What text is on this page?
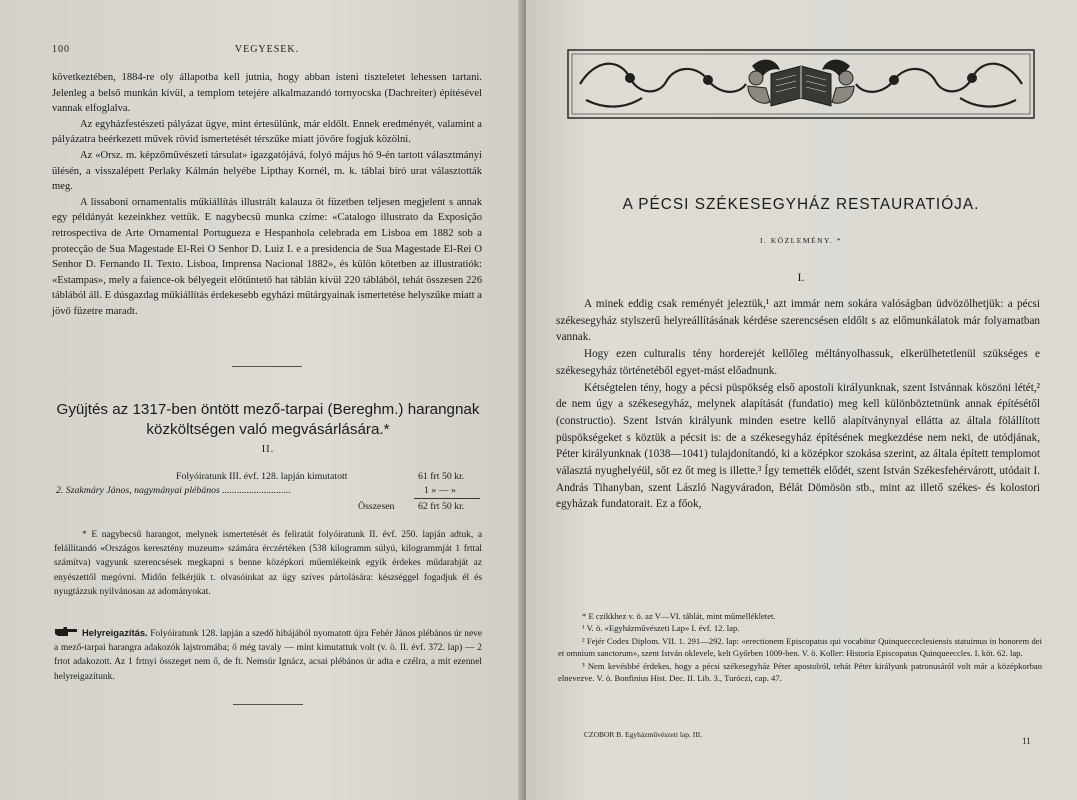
100	VEGYESEK.

következtében, 1884-re oly állapotba kell jutnia, hogy abban isteni tiszteletet lehessen tartani. Jelenleg a belső munkán kívül, a templom tetejére alkalmazandó tornyocska (Dachreiter) építésével vannak elfoglalva.

Az egyházfestészeti pályázat ügye, mint értesülünk, már eldőlt. Ennek eredményét, valamint a pályázatra beérkezett művek rövid ismertetését térszűke miatt jövőre fogjuk közölni.

Az «Orsz. m. képzőművészeti társulat» igazgatójává, folyó május hó 9-én tartott választmányi ülésén, a visszalépett Perlaky Kálmán helyébe Lipthay Kornél, m. k. táblai bíró urat választották meg.

A lissaboni ornamentalis műkiállítás illustrált kalauza öt füzetben teljesen megjelent s annak egy példányát kezeinkhez vettük. E nagybecsű munka czíme: «Catalogo illustrato da Exposição retrospectiva de Arte Ornamental Portugueza e Hespanhola celebrada em Lisboa em 1882 sob a protecção de Sua Magestade El-Rei O Senhor D. Luiz I. e a presidencia de Sua Magestade El-Rei O Senhor D. Fernando II. Texto. Lisboa, Imprensa Nacional 1882», és külön kötetben az illustratiók: «Estampas», mely a faience-ok bélyegeit előtüntető hat táblán kívül 220 táblából, tehát összesen 226 táblából áll. E dúsgazdag műkiállítás érdekesebb egyházi műtárgyainak ismertetése helyszűke miatt a jövő füzetre maradt.

Gyüjtés az 1317-ben öntött mező-tarpai (Bereghm.) harangnak közköltségen való megvásárlására.*
II.
Folyóiratunk III. évf. 128. lapján kimutatott	61 frt 50 kr.
2. Szakmáry János, nagymányai plébános ............................	1 » — »
Összesen 62 frt 50 kr.
* E nagybecsű harangot, melynek ismertetését és feliratát folyóiratunk II. évf. 250. lapján adtuk, a felállítandó «Országos keresztény muzeum» számára érczértéken (538 kilogramm súlyú, kilogrammját 1 frttal számítva) vagyunk szerencsések megkapni s benne középkori műemlékeink egyik érdekes műdarabját az enyészettől megóvni. Midőn felkérjük t. olvasóinkat az ügy szíves pártolására: készséggel fogadjuk él és nyugtázzuk nyilvánosan az adományokat.
Helyreigazítás. Folyóiratunk 128. lapján a szedő hibájából nyomatott újra Fehér János plébános úr neve a mező-tarpai harangra adakozók lajstromába; ő még tavaly — mint kimutattuk volt (v. ö. II. évf. 372. lap) — 2 frtot adakozott. Az 1 frtnyi összeget nem ő, de ft. Nemsür Ignácz, acsai plébános úr adta e czélra, a mit ezennel helyreigazítunk.
A PÉCSI SZÉKESEGYHÁZ RESTAURATIÓJA.
I. KÖZLEMÉNY. *
I.

A minek eddig csak reményét jeleztük,¹ azt immár nem sokára valóságban üdvözölhetjük: a pécsi székesegyház stylszerű helyreállításának kérdése szerencsésen eldőlt s az előmunkálatok már folyamatban vannak.

Hogy ezen culturalis tény horderejét kellőleg méltányolhassuk, elkerülhetetlenül szükséges e székesegyház történetéből egyet-mást előadnunk.

Kétségtelen tény, hogy a pécsi püspökség első apostoli királyunknak, szent Istvánnak köszöni létét,² de nem úgy a székesegyház, melynek alapítását (fundatio) meg kell különböztetnünk annak építésétől (constructio). Szent István királyunk minden esetre kellő alapítványnyal ellátta az általa fölállított püspökségeket s köztük a pécsit is: de a székesegyház építésének megkezdése nem neki, de utódjának, Péter királyunknak (1038—1041) tulajdonítandó, ki a középkor szokása szerint, az általa épített templomot választá nyughelyéül, sőt ez őt meg is illette.³ Így temették elődét, szent István Székesfehérvárott, utódait I. András Tihanyban, szent László Nagyváradon, Bélát Dömösön stb., mint az illető székes- és kolostori egyházak fundatorait. Ez a főok,

* E czikkhez v. ö. az V—VI. táblát, mint műmellékletet.

¹ V. ö. «Egyházművészeti Lap» I. évf. 12. lap.

² Fejér Codex Diplom. VII. 1. 291—292. lap: «erectionem Episcopatus qui vocabitur Quinquecceclesiensis statuimus in honorem dei et omnium sanctorum», szent István oklevele, kelt Győrben 1009-ben. V. ö. Koller: Historia Episcopatus Quinqueeccles. I. köt. 62. lap.

³ Nem kevésbbé érdekes, hogy a pécsi székesegyház Péter apostolról, tehát Péter királyunk patronusáról volt már a középkorban elnevezve. V. ö. Bonfinius Hist. Dec. II. Lib. 3., Turóczi, cap. 47.

CZOBOR B. Egyházművészeti lap. III.
11
